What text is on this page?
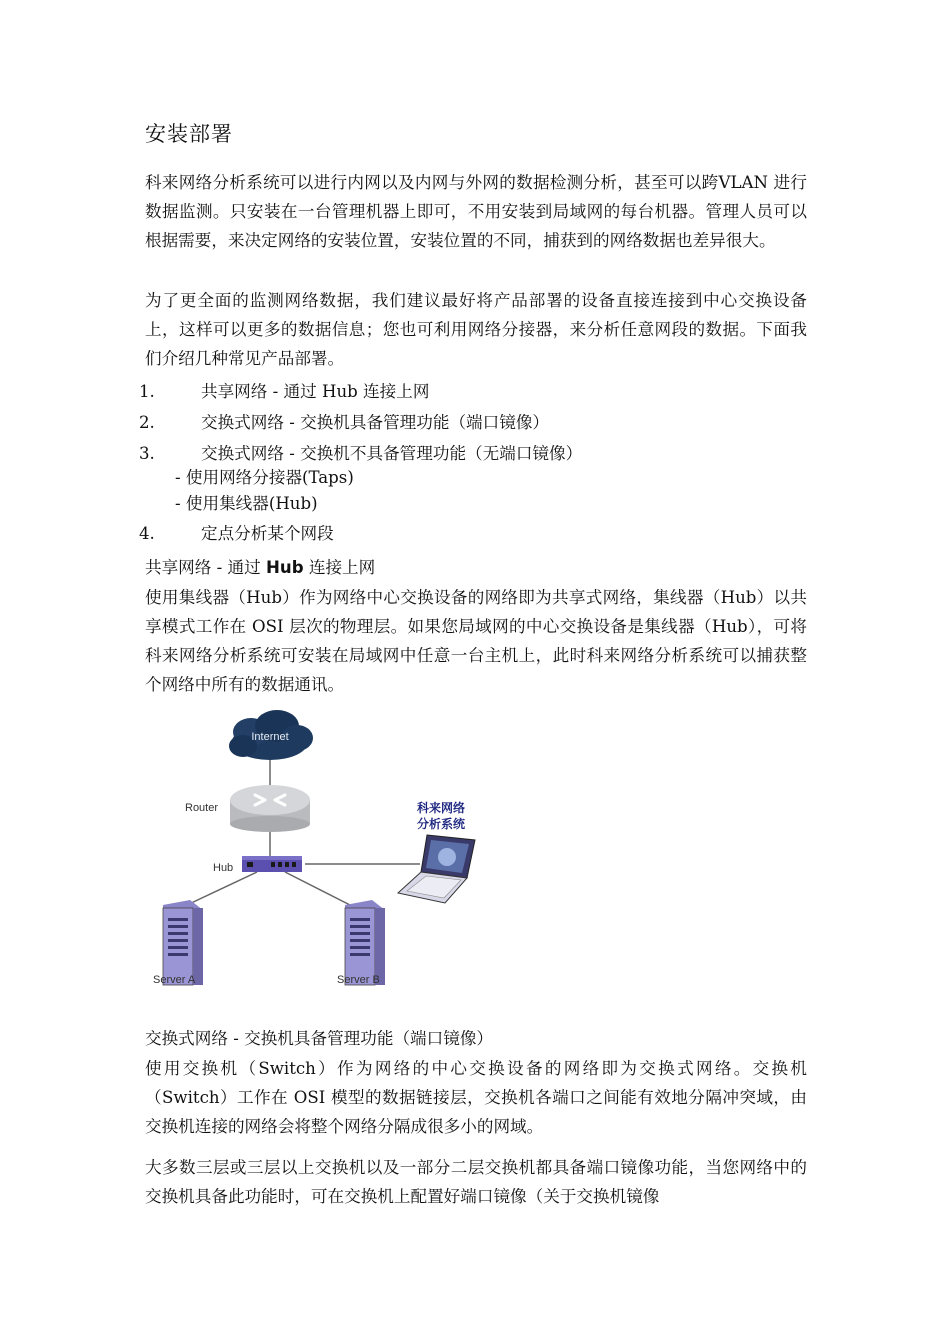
安装部署
科来网络分析系统可以进行内网以及内网与外网的数据检测分析，甚至可以跨VLAN 进行数据监测。只安装在一台管理机器上即可，不用安装到局域网的每台机器。管理人员可以根据需要，来决定网络的安装位置，安装位置的不同，捕获到的网络数据也差异很大。
为了更全面的监测网络数据，我们建议最好将产品部署的设备直接连接到中心交换设备上，这样可以更多的数据信息；您也可利用网络分接器，来分析任意网段的数据。下面我们介绍几种常见产品部署。
1.	共享网络 - 通过 Hub 连接上网
2.	交换式网络 - 交换机具备管理功能（端口镜像）
3.	交换式网络 - 交换机不具备管理功能（无端口镜像）
- 使用网络分接器(Taps)
- 使用集线器(Hub)
4.	定点分析某个网段
共享网络 - 通过 Hub 连接上网
使用集线器（Hub）作为网络中心交换设备的网络即为共享式网络，集线器（Hub）以共享模式工作在 OSI 层次的物理层。如果您局域网的中心交换设备是集线器（Hub），可将科来网络分析系统可安装在局域网中任意一台主机上，此时科来网络分析系统可以捕获整个网络中所有的数据通讯。
Internet
Router
Hub
科来网络
分析系统
Server A	Server B
交换式网络 - 交换机具备管理功能（端口镜像）
使用交换机（Switch）作为网络的中心交换设备的网络即为交换式网络。交换机（Switch）工作在 OSI 模型的数据链接层，交换机各端口之间能有效地分隔冲突域，由交换机连接的网络会将整个网络分隔成很多小的网域。
大多数三层或三层以上交换机以及一部分二层交换机都具备端口镜像功能，当您网络中的交换机具备此功能时，可在交换机上配置好端口镜像（关于交换机镜像
